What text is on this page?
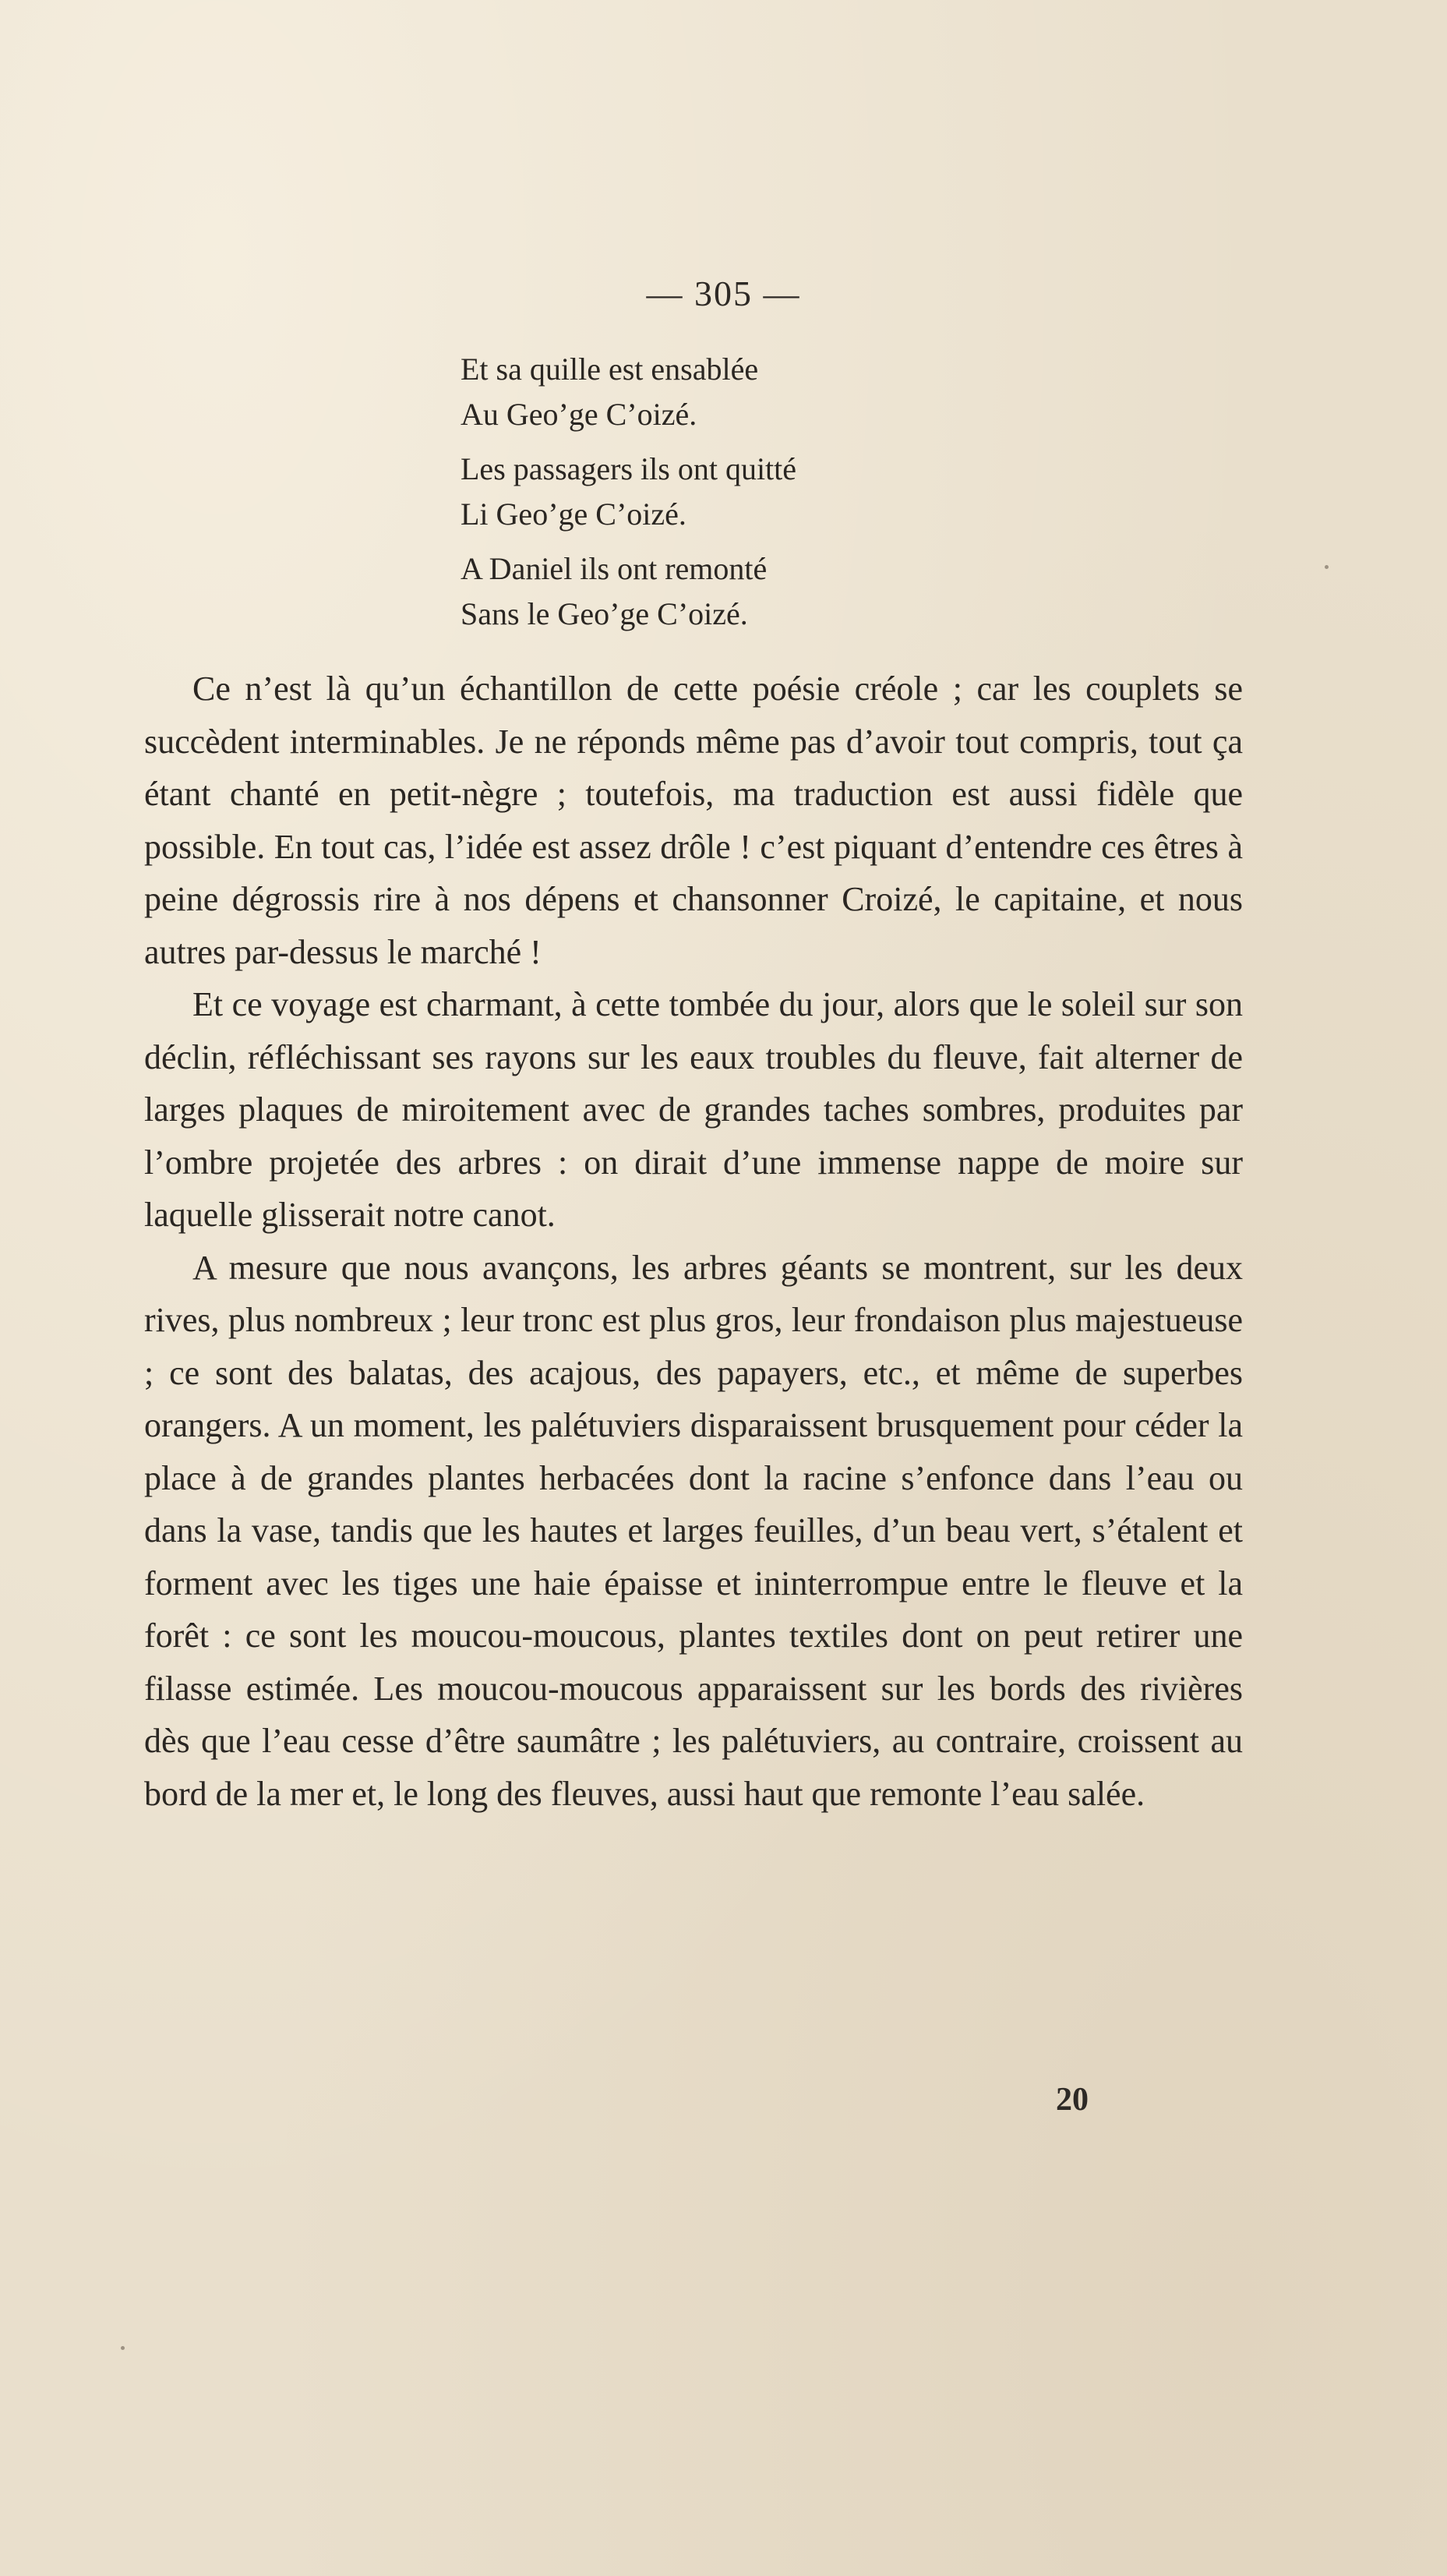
— 305 —
Et sa quille est ensablée
Au Geo’ge C’oizé.
Les passagers ils ont quitté
Li Geo’ge C’oizé.
A Daniel ils ont remonté
Sans le Geo’ge C’oizé.

Ce n’est là qu’un échantillon de cette poésie créole ; car les couplets se succèdent interminables. Je ne réponds même pas d’avoir tout compris, tout ça étant chanté en petit-nègre ; toutefois, ma traduction est aussi fidèle que possible. En tout cas, l’idée est assez drôle ! c’est piquant d’entendre ces êtres à peine dégrossis rire à nos dépens et chansonner Croizé, le capitaine, et nous autres par-dessus le marché !

Et ce voyage est charmant, à cette tombée du jour, alors que le soleil sur son déclin, réfléchissant ses rayons sur les eaux troubles du fleuve, fait alterner de larges plaques de miroitement avec de grandes taches sombres, produites par l’ombre projetée des arbres : on dirait d’une immense nappe de moire sur laquelle glisserait notre canot.

A mesure que nous avançons, les arbres géants se montrent, sur les deux rives, plus nombreux ; leur tronc est plus gros, leur frondaison plus majestueuse ; ce sont des balatas, des acajous, des papayers, etc., et même de superbes orangers. A un moment, les palétuviers disparaissent brusquement pour céder la place à de grandes plantes herbacées dont la racine s’enfonce dans l’eau ou dans la vase, tandis que les hautes et larges feuilles, d’un beau vert, s’étalent et forment avec les tiges une haie épaisse et ininterrompue entre le fleuve et la forêt : ce sont les moucou-moucous, plantes textiles dont on peut retirer une filasse estimée. Les moucou-moucous apparaissent sur les bords des rivières dès que l’eau cesse d’être saumâtre ; les palétuviers, au contraire, croissent au bord de la mer et, le long des fleuves, aussi haut que remonte l’eau salée.

20
